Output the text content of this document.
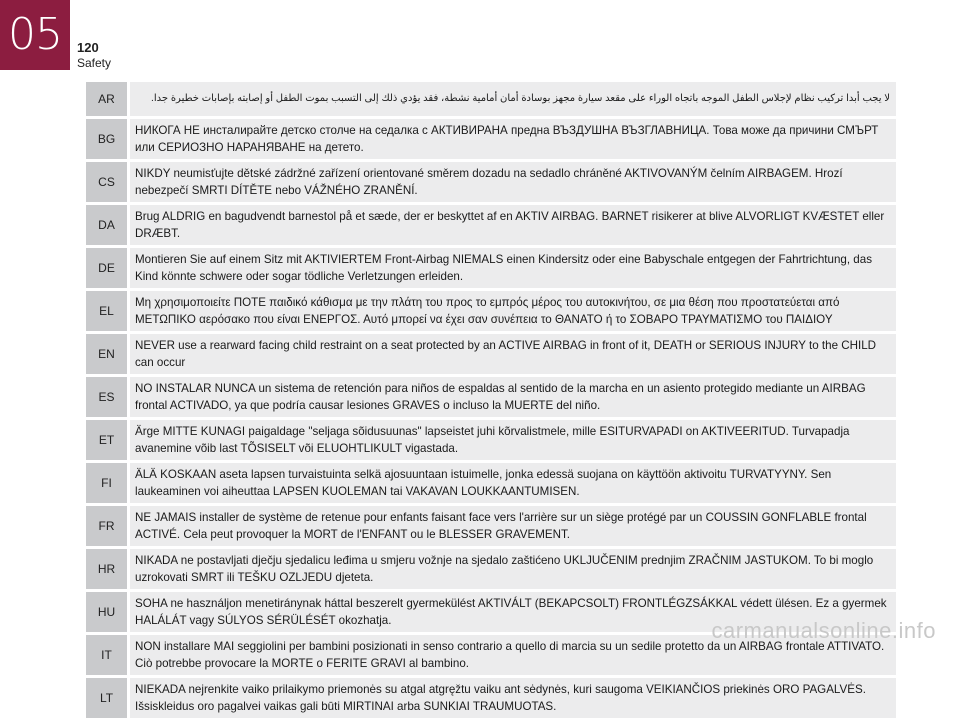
05	120
Safety
AR	لا يجب أبدا تركيب نظام لإجلاس الطفل الموجه باتجاه الوراء على مقعد سيارة مجهز بوسادة أمان أمامية نشطة، فقد يؤدي ذلك إلى التسبب بموت الطفل أو إصابته بإصابات خطيرة جدا.
BG
НИКОГА НЕ инсталирайте детско столче на седалка с АКТИВИРАНА предна ВЪЗДУШНА ВЪЗГЛАВНИЦА. Това може да причини СМЪРТ или СЕРИОЗНО НАРАНЯВАНЕ на детето.
CS
NIKDY neumisťujte dětské zádržné zařízení orientované směrem dozadu na sedadlo chráněné AKTIVOVANÝM čelním AIRBAGEM. Hrozí nebezpečí SMRTI DÍTĚTE nebo VÁŽNÉHO ZRANĚNÍ.
DA
Brug ALDRIG en bagudvendt barnestol på et sæde, der er beskyttet af en AKTIV AIRBAG. BARNET risikerer at blive ALVORLIGT KVÆSTET eller DRÆBT.
DE
Montieren Sie auf einem Sitz mit AKTIVIERTEM Front-Airbag NIEMALS einen Kindersitz oder eine Babyschale entgegen der Fahrtrichtung, das Kind könnte schwere oder sogar tödliche Verletzungen erleiden.
EL
Μη χρησιμοποιείτε ΠΟΤΕ παιδικό κάθισμα με την πλάτη του προς το εμπρός μέρος του αυτοκινήτου, σε μια θέση που προστατεύεται από ΜΕΤΩΠΙΚΟ αερόσακο που είναι ΕΝΕΡΓΟΣ. Αυτό μπορεί να έχει σαν συνέπεια το ΘΑΝΑΤΟ ή το ΣΟΒΑΡΟ ΤΡΑΥΜΑΤΙΣΜΟ του ΠΑΙΔΙΟΥ
EN
NEVER use a rearward facing child restraint on a seat protected by an ACTIVE AIRBAG in front of it, DEATH or SERIOUS INJURY to the CHILD can occur
ES
NO INSTALAR NUNCA un sistema de retención para niños de espaldas al sentido de la marcha en un asiento protegido mediante un AIRBAG frontal ACTIVADO, ya que podría causar lesiones GRAVES o incluso la MUERTE del niño.
ET
Ärge MITTE KUNAGI paigaldage "seljaga sõidusuunas" lapseistet juhi kõrvalistmele, mille ESITURVAPADI on AKTIVEERITUD. Turvapadja avanemine võib last TÕSISELT või ELUOHTLIKULT vigastada.
FI
ÄLÄ KOSKAAN aseta lapsen turvaistuinta selkä ajosuuntaan istuimelle, jonka edessä suojana on käyttöön aktivoitu TURVATYYNY. Sen laukeaminen voi aiheuttaa LAPSEN KUOLEMAN tai VAKAVAN LOUKKAANTUMISEN.
FR
NE JAMAIS installer de système de retenue pour enfants faisant face vers l'arrière sur un siège protégé par un COUSSIN GONFLABLE frontal ACTIVÉ. Cela peut provoquer la MORT de l'ENFANT ou le BLESSER GRAVEMENT.
HR
NIKADA ne postavljati dječju sjedalicu leđima u smjeru vožnje na sjedalo zaštićeno UKLJUČENIM prednjim ZRAČNIM JASTUKOM. To bi moglo uzrokovati SMRT ili TEŠKU OZLJEDU djeteta.
HU
SOHA ne használjon menetiránynak háttal beszerelt gyermekülést AKTIVÁLT (BEKAPCSOLT) FRONTLÉGZSÁKKAL védett ülésen. Ez a gyermek HALÁLÁT vagy SÚLYOS SÉRÜLÉSÉT okozhatja.
IT
NON installare MAI seggiolini per bambini posizionati in senso contrario a quello di marcia su un sedile protetto da un AIRBAG frontale ATTIVATO. Ciò potrebbe provocare la MORTE o FERITE GRAVI al bambino.
LT
NIEKADA nejrenkite vaiko prilaikymo priemonės su atgal atgręžtu vaiku ant sėdynės, kuri saugoma VEIKIANČIOS priekinės ORO PAGALVĖS. Išsiskleidus oro pagalvei vaikas gali būti MIRTINAI arba SUNKIAI TRAUMUOTAS.
carmanualsonline.info
